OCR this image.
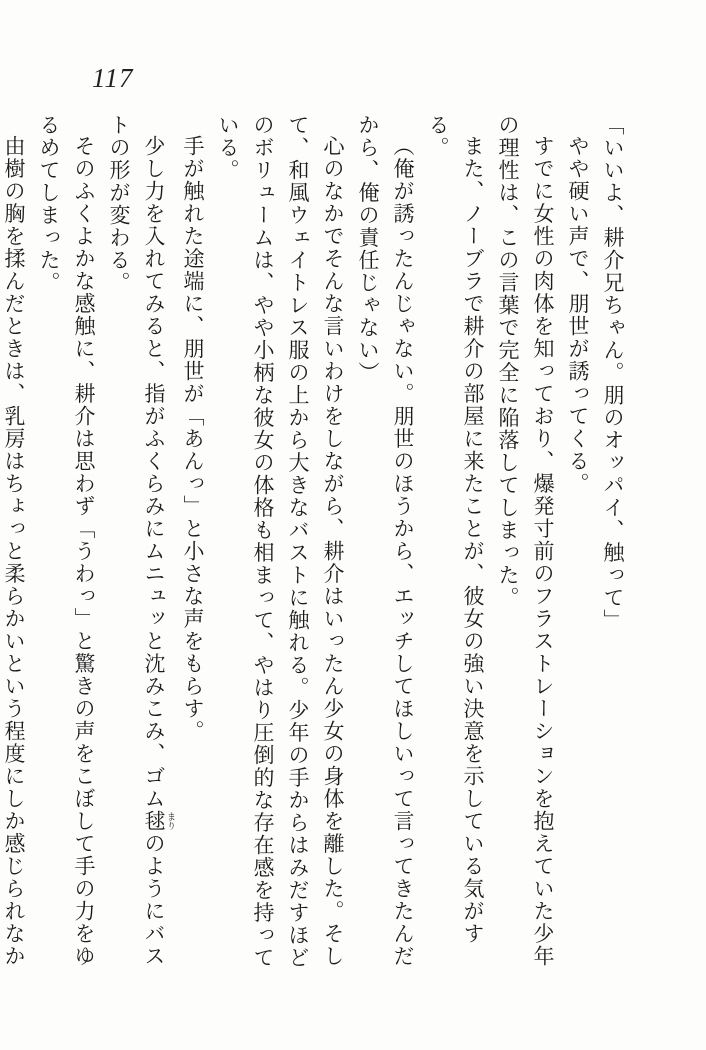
117

「いいよ、耕介兄ちゃん。朋のオッパイ、触って」

やや硬い声で、朋世が誘ってくる。

すでに女性の肉体を知っており、爆発寸前のフラストレーションを抱えていた少年の理性は、この言葉で完全に陥落してしまった。

また、ノーブラで耕介の部屋に来たことが、彼女の強い決意を示している気がする。

（俺が誘ったんじゃない。朋世のほうから、エッチしてほしいって言ってきたんだから、俺の責任じゃない）

心のなかでそんな言いわけをしながら、耕介はいったん少女の身体を離した。そして、和風ウェイトレス服の上から大きなバストに触れる。少年の手からはみだすほどのボリュームは、やや小柄な彼女の体格も相まって、やはり圧倒的な存在感を持っている。

手が触れた途端に、朋世が「あんっ」と小さな声をもらす。

少し力を入れてみると、指がふくらみにムニュッと沈みこみ、ゴム毬 まりのようにバストの形が変わる。

そのふくよかな感触に、耕介は思わず「うわっ」と驚きの声をこぼして手の力をゆるめてしまった。

由樹の胸を揉んだときは、乳房はちょっと柔らかいという程度にしか感じられなか
